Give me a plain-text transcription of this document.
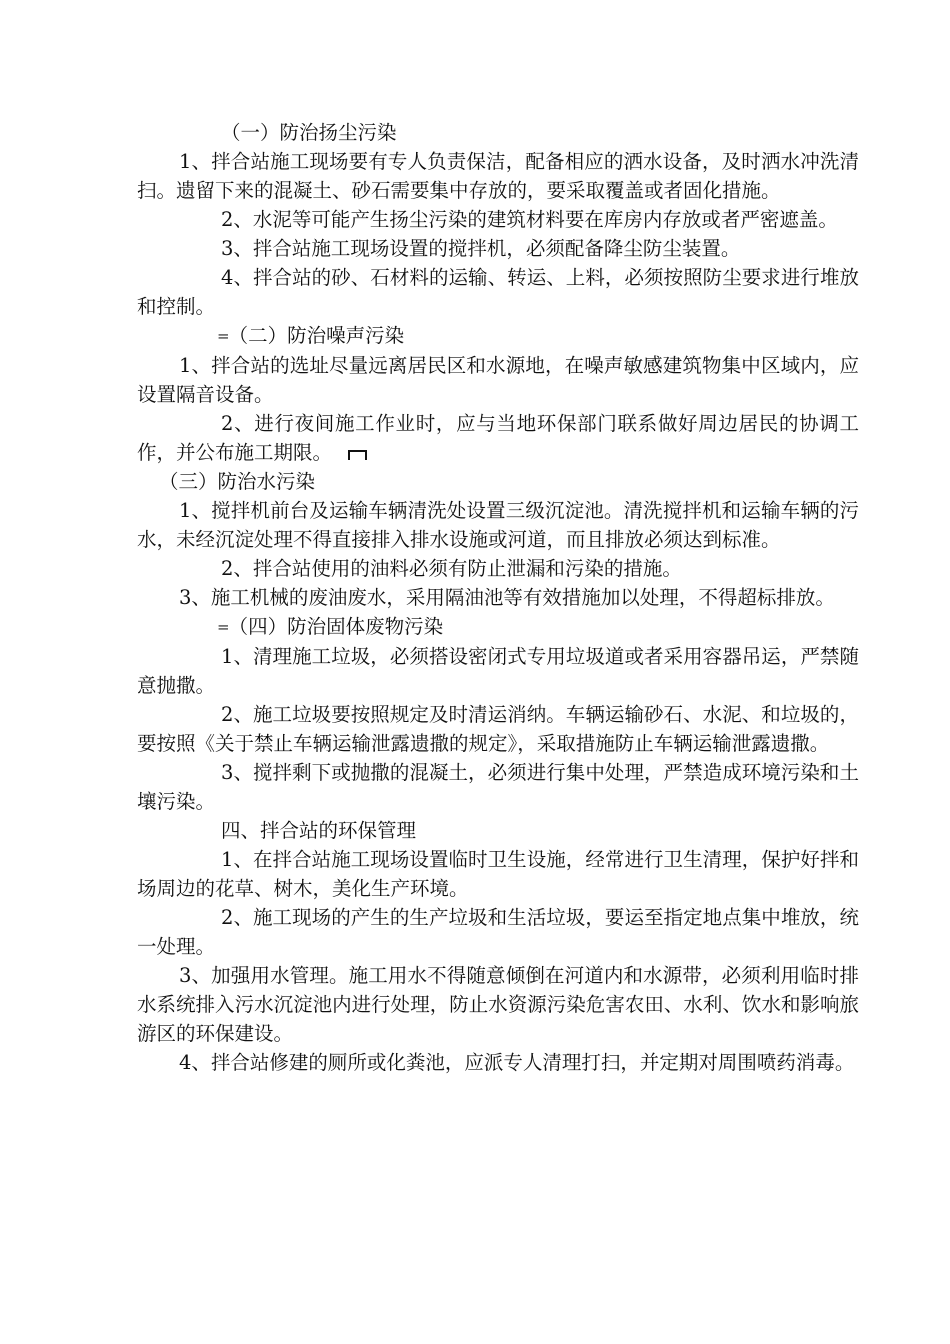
（一）防治扬尘污染

1、拌合站施工现场要有专人负责保洁，配备相应的洒水设备，及时洒水冲洗清扫。遗留下来的混凝土、砂石需要集中存放的，要采取覆盖或者固化措施。

2、水泥等可能产生扬尘污染的建筑材料要在库房内存放或者严密遮盖。

3、拌合站施工现场设置的搅拌机，必须配备降尘防尘装置。

4、拌合站的砂、石材料的运输、转运、上料，必须按照防尘要求进行堆放和控制。

= （二）防治噪声污染

1、拌合站的选址尽量远离居民区和水源地，在噪声敏感建筑物集中区域内，应设置隔音设备。

2、进行夜间施工作业时，应与当地环保部门联系做好周边居民的协调工作，并公布施工期限。

（三）防治水污染

1、搅拌机前台及运输车辆清洗处设置三级沉淀池。清洗搅拌机和运输车辆的污水，未经沉淀处理不得直接排入排水设施或河道，而且排放必须达到标准。

2、拌合站使用的油料必须有防止泄漏和污染的措施。

3、施工机械的废油废水，采用隔油池等有效措施加以处理，不得超标排放。

= （四）防治固体废物污染

1、清理施工垃圾，必须搭设密闭式专用垃圾道或者采用容器吊运，严禁随意抛撒。

2、施工垃圾要按照规定及时清运消纳。车辆运输砂石、水泥、和垃圾的，要按照《关于禁止车辆运输泄露遗撒的规定》，采取措施防止车辆运输泄露遗撒。

3、搅拌剩下或抛撒的混凝土，必须进行集中处理，严禁造成环境污染和土壤污染。

四、拌合站的环保管理

1、在拌合站施工现场设置临时卫生设施，经常进行卫生清理，保护好拌和场周边的花草、树木，美化生产环境。

2、施工现场的产生的生产垃圾和生活垃圾，要运至指定地点集中堆放，统一处理。

3、加强用水管理。施工用水不得随意倾倒在河道内和水源带，必须利用临时排水系统排入污水沉淀池内进行处理，防止水资源污染危害农田、水利、饮水和影响旅游区的环保建设。

4、拌合站修建的厕所或化粪池，应派专人清理打扫，并定期对周围喷药消毒。
